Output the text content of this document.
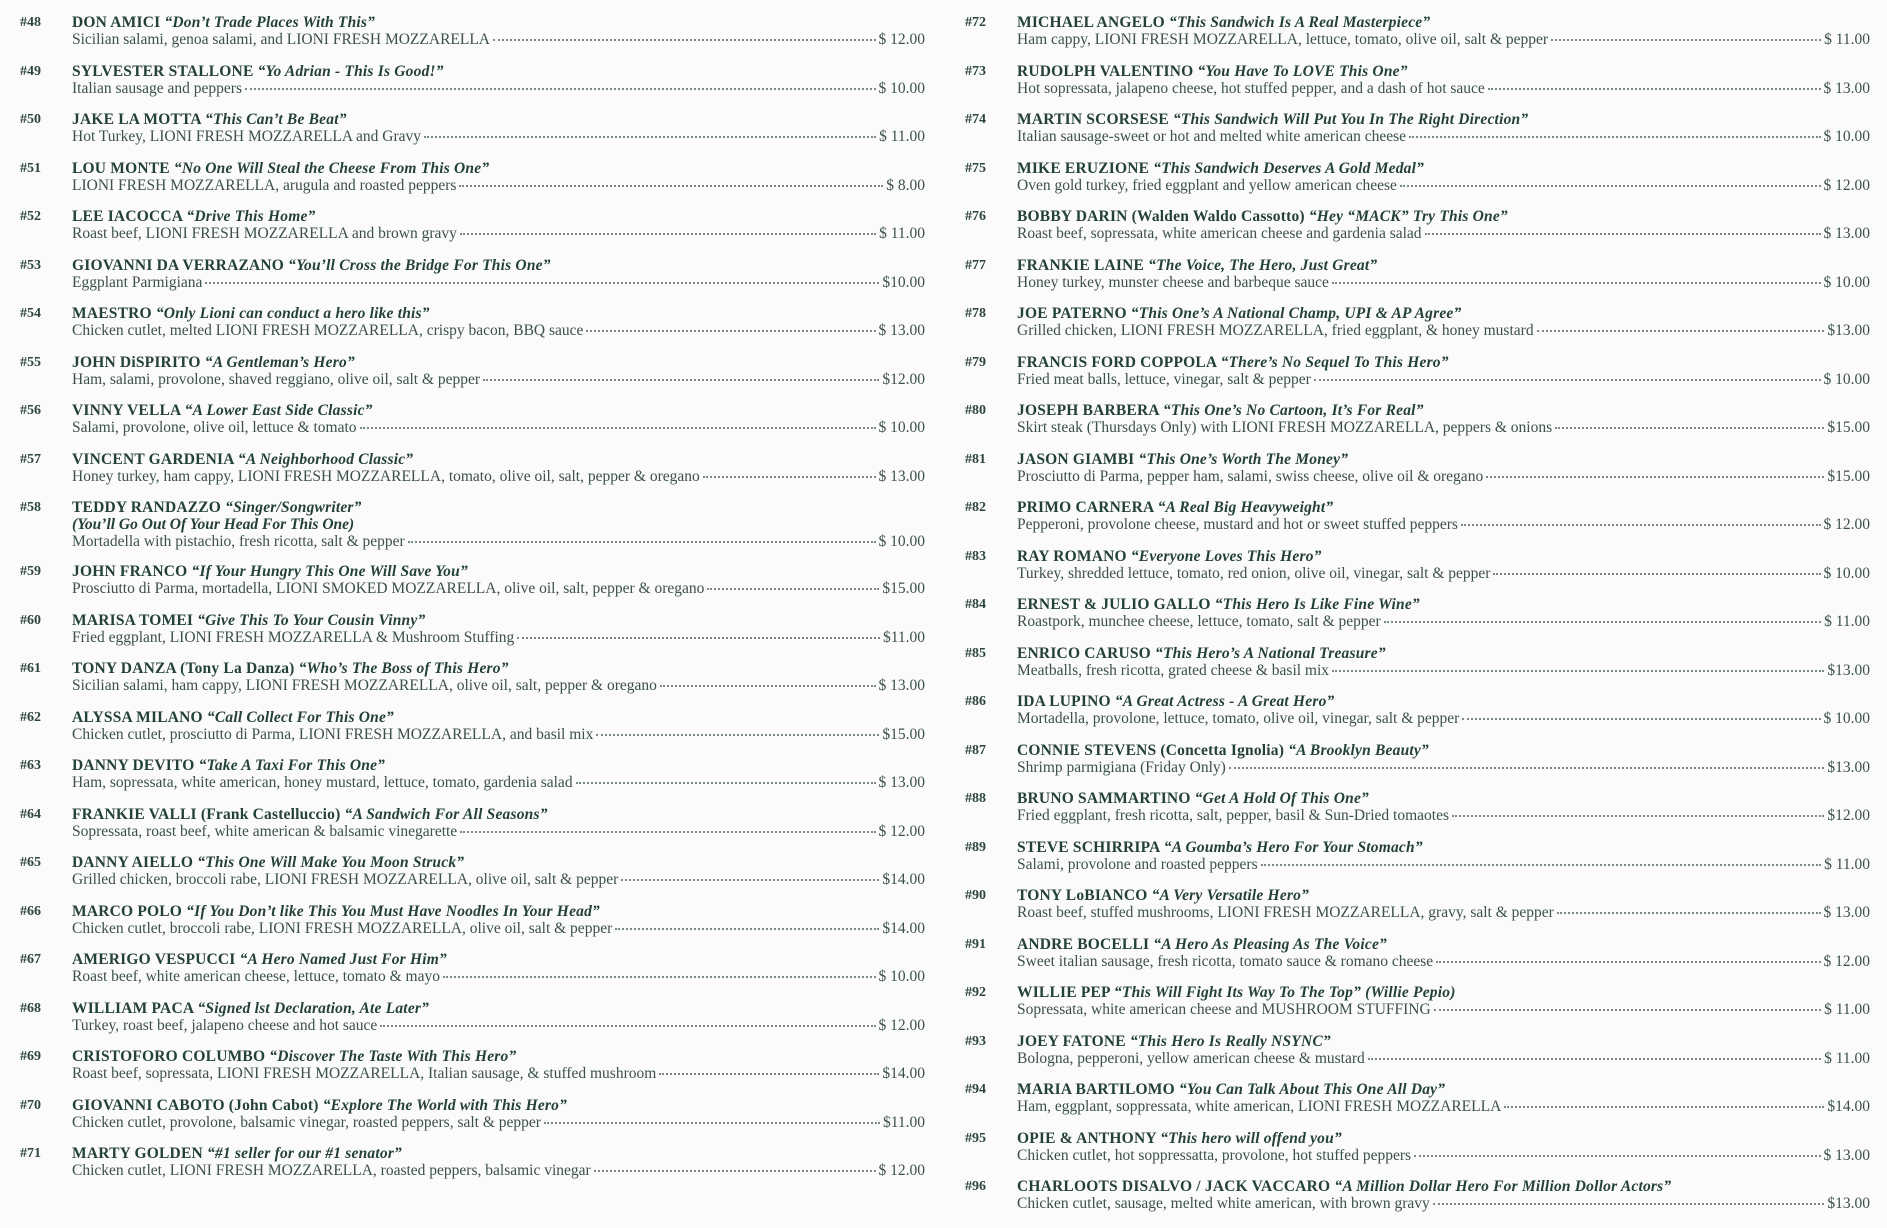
#48 DON AMICI “Don’t Trade Places With This”
Sicilian salami, genoa salami, and LIONI FRESH MOZZARELLA	$ 12.00
#49 SYLVESTER STALLONE “Yo Adrian - This Is Good!”
Italian sausage and peppers	$ 10.00
#50 JAKE LA MOTTA “This Can’t Be Beat”
Hot Turkey, LIONI FRESH MOZZARELLA and Gravy	$ 11.00
#51 LOU MONTE “No One Will Steal the Cheese From This One”
LIONI FRESH MOZZARELLA, arugula and roasted peppers	$ 8.00
#52 LEE IACOCCA “Drive This Home”
Roast beef, LIONI FRESH MOZZARELLA and brown gravy	$ 11.00
#53 GIOVANNI DA VERRAZANO “You’ll Cross the Bridge For This One”
Eggplant Parmigiana	$10.00
#54 MAESTRO “Only Lioni can conduct a hero like this”
Chicken cutlet, melted LIONI FRESH MOZZARELLA, crispy bacon, BBQ sauce	$ 13.00
#55 JOHN DiSPIRITO “A Gentleman’s Hero”
Ham, salami, provolone, shaved reggiano, olive oil, salt & pepper	$12.00
#56 VINNY VELLA “A Lower East Side Classic”
Salami, provolone, olive oil, lettuce & tomato	$ 10.00
#57 VINCENT GARDENIA “A Neighborhood Classic”
Honey turkey, ham cappy, LIONI FRESH MOZZARELLA, tomato, olive oil, salt, pepper & oregano	$ 13.00
#58 TEDDY RANDAZZO “Singer/Songwriter”
(You’ll Go Out Of Your Head For This One)
Mortadella with pistachio, fresh ricotta, salt & pepper	$ 10.00
#59 JOHN FRANCO “If Your Hungry This One Will Save You”
Prosciutto di Parma, mortadella, LIONI SMOKED MOZZARELLA, olive oil, salt, pepper & oregano	$15.00
#60 MARISA TOMEI “Give This To Your Cousin Vinny”
Fried eggplant, LIONI FRESH MOZZARELLA & Mushroom Stuffing	$11.00
#61 TONY DANZA (Tony La Danza) “Who’s The Boss of This Hero”
Sicilian salami, ham cappy, LIONI FRESH MOZZARELLA, olive oil, salt, pepper & oregano	$ 13.00
#62 ALYSSA MILANO “Call Collect For This One”
Chicken cutlet, prosciutto di Parma, LIONI FRESH MOZZARELLA, and basil mix	$15.00
#63 DANNY DEVITO “Take A Taxi For This One”
Ham, sopressata, white american, honey mustard, lettuce, tomato, gardenia salad	$ 13.00
#64 FRANKIE VALLI (Frank Castelluccio) “A Sandwich For All Seasons”
Sopressata, roast beef, white american & balsamic vinegarette	$ 12.00
#65 DANNY AIELLO “This One Will Make You Moon Struck”
Grilled chicken, broccoli rabe, LIONI FRESH MOZZARELLA, olive oil, salt & pepper	$14.00
#66 MARCO POLO “If You Don’t like This You Must Have Noodles In Your Head”
Chicken cutlet, broccoli rabe, LIONI FRESH MOZZARELLA, olive oil, salt & pepper	$14.00
#67 AMERIGO VESPUCCI “A Hero Named Just For Him”
Roast beef, white american cheese, lettuce, tomato & mayo	$ 10.00
#68 WILLIAM PACA “Signed lst Declaration, Ate Later”
Turkey, roast beef, jalapeno cheese and hot sauce	$ 12.00
#69 CRISTOFORO COLUMBO “Discover The Taste With This Hero”
Roast beef, sopressata, LIONI FRESH MOZZARELLA, Italian sausage, & stuffed mushroom	$14.00
#70 GIOVANNI CABOTO (John Cabot) “Explore The World with This Hero”
Chicken cutlet, provolone, balsamic vinegar, roasted peppers, salt & pepper	$11.00
#71 MARTY GOLDEN “#1 seller for our #1 senator”
Chicken cutlet, LIONI FRESH MOZZARELLA, roasted peppers, balsamic vinegar	$ 12.00
#72 MICHAEL ANGELO “This Sandwich Is A Real Masterpiece”
Ham cappy, LIONI FRESH MOZZARELLA, lettuce, tomato, olive oil, salt & pepper	$ 11.00
#73 RUDOLPH VALENTINO “You Have To LOVE This One”
Hot sopressata, jalapeno cheese, hot stuffed pepper, and a dash of hot sauce	$ 13.00
#74 MARTIN SCORSESE “This Sandwich Will Put You In The Right Direction”
Italian sausage-sweet or hot and melted white american cheese	$ 10.00
#75 MIKE ERUZIONE “This Sandwich Deserves A Gold Medal”
Oven gold turkey, fried eggplant and yellow american cheese	$ 12.00
#76 BOBBY DARIN (Walden Waldo Cassotto) “Hey “MACK” Try This One”
Roast beef, sopressata, white american cheese and gardenia salad	$ 13.00
#77 FRANKIE LAINE “The Voice, The Hero, Just Great”
Honey turkey, munster cheese and barbeque sauce	$ 10.00
#78 JOE PATERNO “This One’s A National Champ, UPI & AP Agree”
Grilled chicken, LIONI FRESH MOZZARELLA, fried eggplant, & honey mustard	$13.00
#79 FRANCIS FORD COPPOLA “There’s No Sequel To This Hero”
Fried meat balls, lettuce, vinegar, salt & pepper	$ 10.00
#80 JOSEPH BARBERA “This One’s No Cartoon, It’s For Real”
Skirt steak (Thursdays Only) with LIONI FRESH MOZZARELLA, peppers & onions	$15.00
#81 JASON GIAMBI “This One’s Worth The Money”
Prosciutto di Parma, pepper ham, salami, swiss cheese, olive oil & oregano	$15.00
#82 PRIMO CARNERA “A Real Big Heavyweight”
Pepperoni, provolone cheese, mustard and hot or sweet stuffed peppers	$ 12.00
#83 RAY ROMANO “Everyone Loves This Hero”
Turkey, shredded lettuce, tomato, red onion, olive oil, vinegar, salt & pepper	$ 10.00
#84 ERNEST & JULIO GALLO “This Hero Is Like Fine Wine”
Roastpork, munchee cheese, lettuce, tomato, salt & pepper	$ 11.00
#85 ENRICO CARUSO “This Hero’s A National Treasure”
Meatballs, fresh ricotta, grated cheese & basil mix	$13.00
#86 IDA LUPINO “A Great Actress - A Great Hero”
Mortadella, provolone, lettuce, tomato, olive oil, vinegar, salt & pepper	$ 10.00
#87 CONNIE STEVENS (Concetta Ignolia) “A Brooklyn Beauty”
Shrimp parmigiana (Friday Only)	$13.00
#88 BRUNO SAMMARTINO “Get A Hold Of This One”
Fried eggplant, fresh ricotta, salt, pepper, basil & Sun-Dried tomaotes	$12.00
#89 STEVE SCHIRRIPA “A Goumba’s Hero For Your Stomach”
Salami, provolone and roasted peppers	$ 11.00
#90 TONY LoBIANCO “A Very Versatile Hero”
Roast beef, stuffed mushrooms, LIONI FRESH MOZZARELLA, gravy, salt & pepper	$ 13.00
#91 ANDRE BOCELLI “A Hero As Pleasing As The Voice”
Sweet italian sausage, fresh ricotta, tomato sauce & romano cheese	$ 12.00
#92 WILLIE PEP “This Will Fight Its Way To The Top” (Willie Pepio)
Sopressata, white american cheese and MUSHROOM STUFFING	$ 11.00
#93 JOEY FATONE “This Hero Is Really NSYNC”
Bologna, pepperoni, yellow american cheese & mustard	$ 11.00
#94 MARIA BARTILOMO “You Can Talk About This One All Day”
Ham, eggplant, soppressata, white american, LIONI FRESH MOZZARELLA	$14.00
#95 OPIE & ANTHONY “This hero will offend you”
Chicken cutlet, hot soppressatta, provolone, hot stuffed peppers	$ 13.00
#96 CHARLOOTS DISALVO / JACK VACCARO “A Million Dollar Hero For Million Dollor Actors”
Chicken cutlet, sausage, melted white american, with brown gravy	$13.00
